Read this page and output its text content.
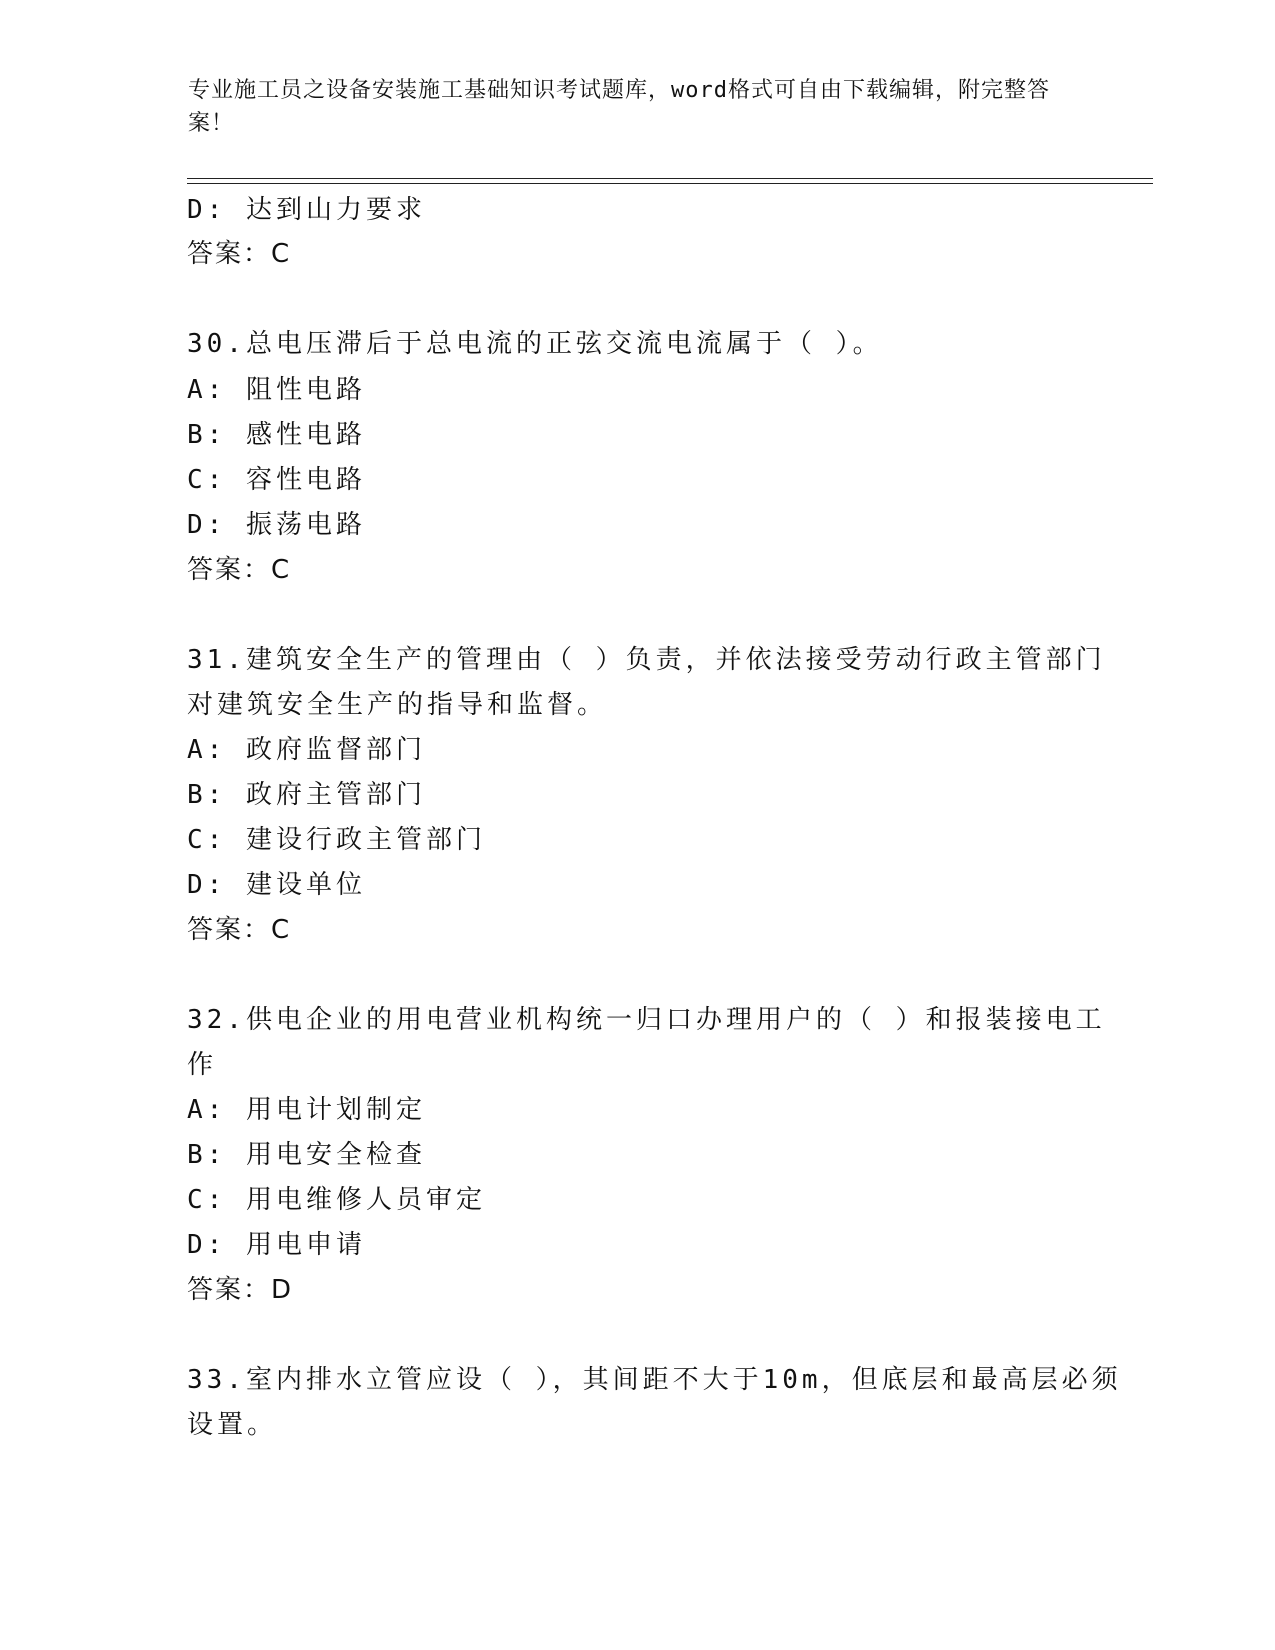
专业施工员之设备安装施工基础知识考试题库，word格式可自由下载编辑，附完整答案！
D: 达到山力要求
答案：C
30.总电压滞后于总电流的正弦交流电流属于（ ）。
A: 阻性电路
B: 感性电路
C: 容性电路
D: 振荡电路
答案：C
31.建筑安全生产的管理由（ ）负责，并依法接受劳动行政主管部门
对建筑安全生产的指导和监督。
A: 政府监督部门
B: 政府主管部门
C: 建设行政主管部门
D: 建设单位
答案：C
32.供电企业的用电营业机构统一归口办理用户的（ ）和报装接电工
作
A: 用电计划制定
B: 用电安全检查
C: 用电维修人员审定
D: 用电申请
答案：D
33.室内排水立管应设（ ），其间距不大于10m，但底层和最高层必须
设置。
